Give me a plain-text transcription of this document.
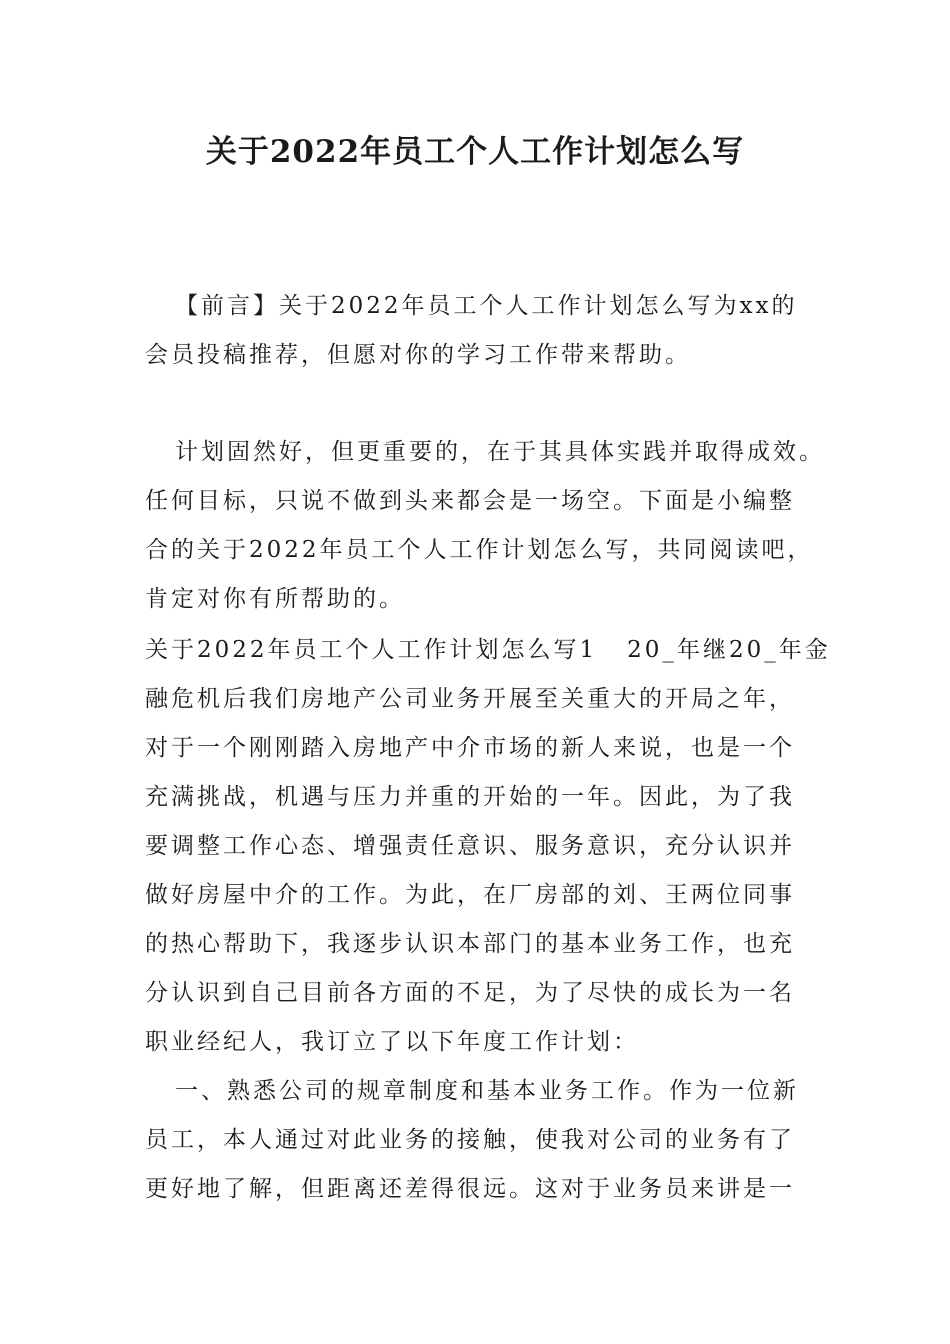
关于2022年员工个人工作计划怎么写
【前言】关于2022年员工个人工作计划怎么写为xx的
会员投稿推荐，但愿对你的学习工作带来帮助。
计划固然好，但更重要的，在于其具体实践并取得成效。
任何目标，只说不做到头来都会是一场空。下面是小编整
合的关于2022年员工个人工作计划怎么写，共同阅读吧，
肯定对你有所帮助的。
关于2022年员工个人工作计划怎么写1 20_年继20_年金
融危机后我们房地产公司业务开展至关重大的开局之年，
对于一个刚刚踏入房地产中介市场的新人来说，也是一个
充满挑战，机遇与压力并重的开始的一年。因此，为了我
要调整工作心态、增强责任意识、服务意识，充分认识并
做好房屋中介的工作。为此，在厂房部的刘、王两位同事
的热心帮助下，我逐步认识本部门的基本业务工作，也充
分认识到自己目前各方面的不足，为了尽快的成长为一名
职业经纪人，我订立了以下年度工作计划：
一、熟悉公司的规章制度和基本业务工作。作为一位新
员工，本人通过对此业务的接触，使我对公司的业务有了
更好地了解，但距离还差得很远。这对于业务员来讲是一
